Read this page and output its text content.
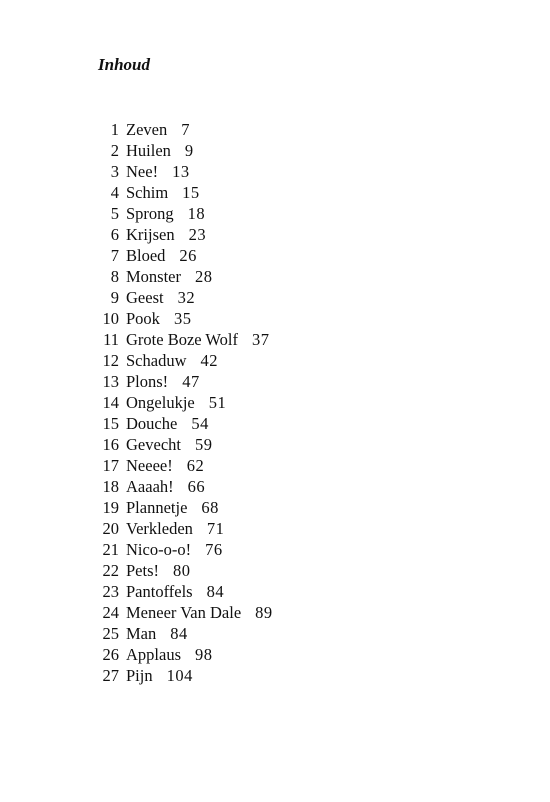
Inhoud
1 Zeven 7
2 Huilen 9
3 Nee! 13
4 Schim 15
5 Sprong 18
6 Krijsen 23
7 Bloed 26
8 Monster 28
9 Geest 32
10 Pook 35
11 Grote Boze Wolf 37
12 Schaduw 42
13 Plons! 47
14 Ongelukje 51
15 Douche 54
16 Gevecht 59
17 Neeee! 62
18 Aaaah! 66
19 Plannetje 68
20 Verkleden 71
21 Nico-o-o! 76
22 Pets! 80
23 Pantoffels 84
24 Meneer Van Dale 89
25 Man 84
26 Applaus 98
27 Pijn 104
